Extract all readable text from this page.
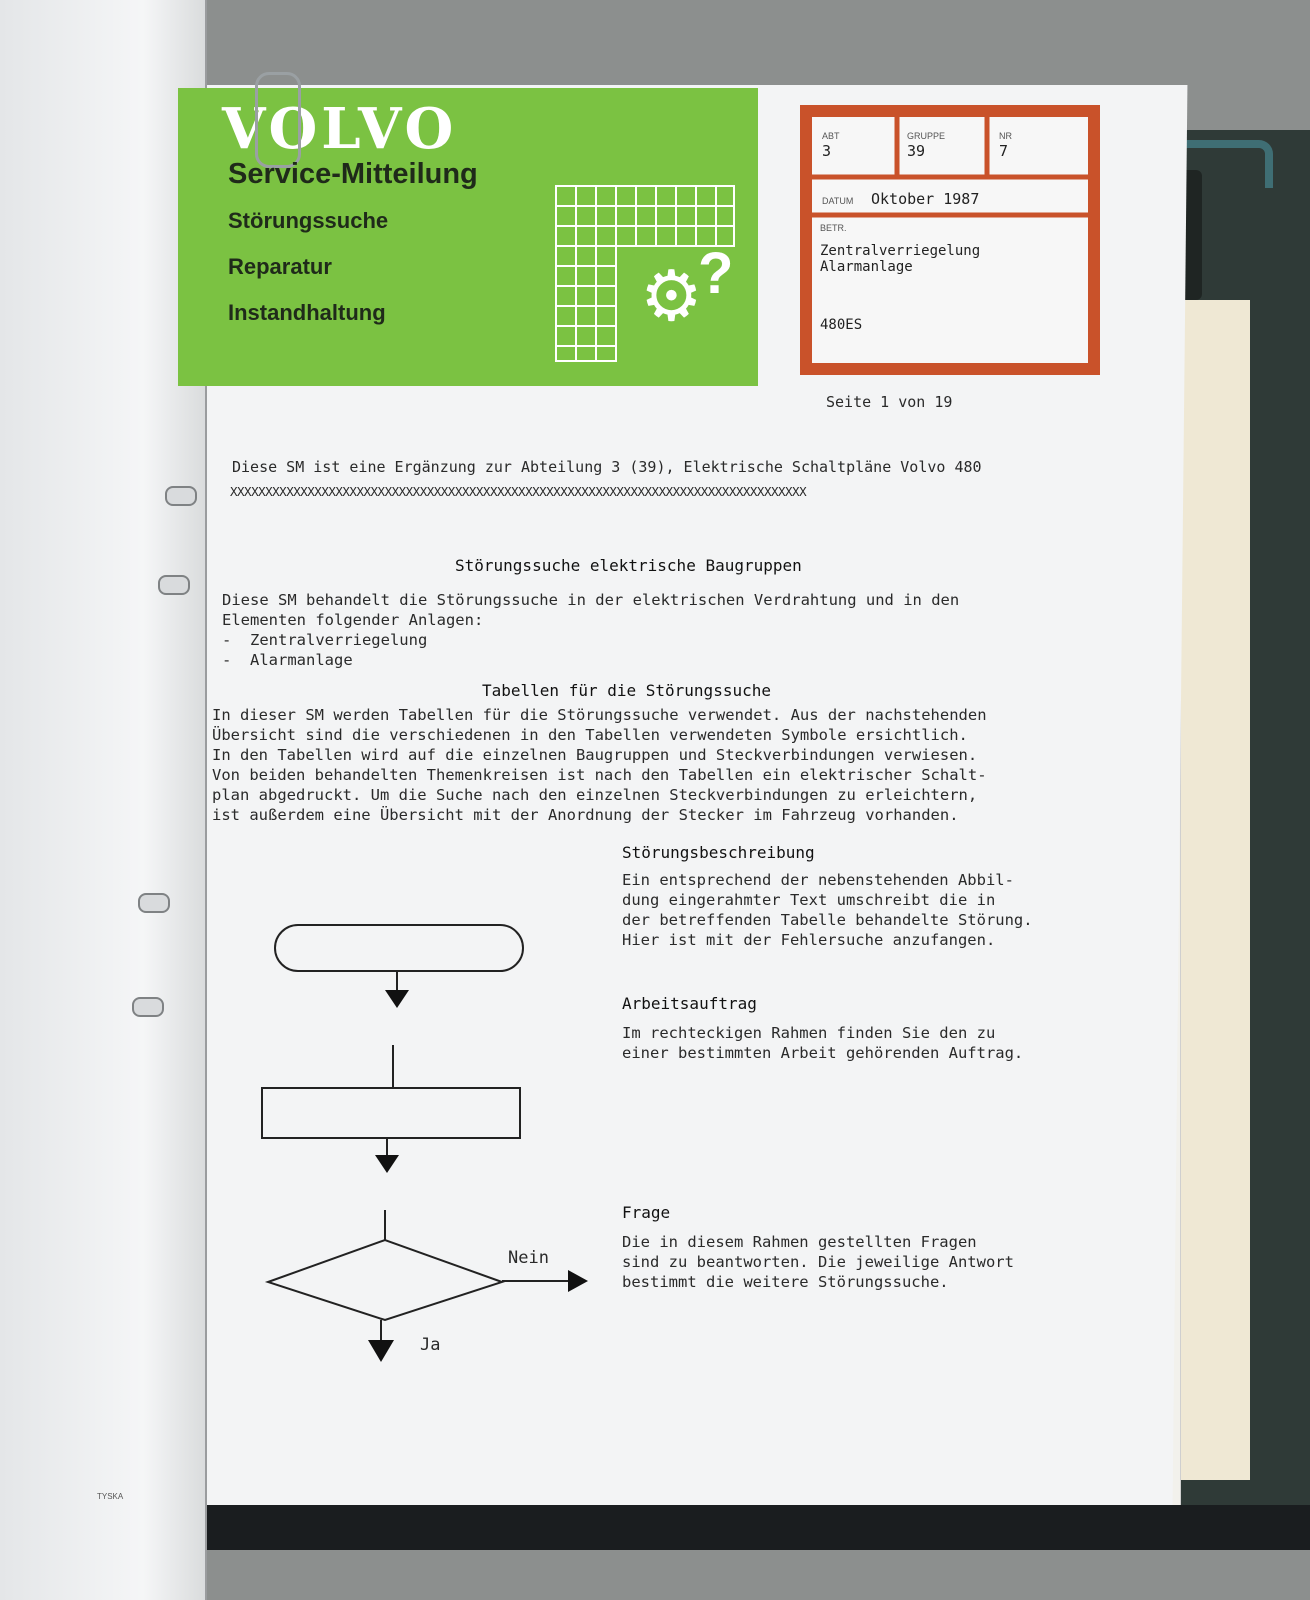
TYSKA
VOLVO
Service-Mitteilung
Störungssuche
Reparatur
Instandhaltung	⚙
?
ABT
3
GRUPPE
39
NR
7
DATUM Oktober 1987
BETR.
Zentralverriegelung
Alarmanlage
480ES
Seite 1 von 19
Diese SM ist eine Ergänzung zur Abteilung 3 (39), Elektrische Schaltpläne Volvo 480
XXXXXXXXXXXXXXXXXXXXXXXXXXXXXXXXXXXXXXXXXXXXXXXXXXXXXXXXXXXXXXXXXXXXXXXXXXXXXXXXXX
Störungssuche elektrische Baugruppen
Diese SM behandelt die Störungssuche in der elektrischen Verdrahtung und in den
Elementen folgender Anlagen:
-  Zentralverriegelung
-  Alarmanlage
Tabellen für die Störungssuche
In dieser SM werden Tabellen für die Störungssuche verwendet. Aus der nachstehenden
Übersicht sind die verschiedenen in den Tabellen verwendeten Symbole ersichtlich.
In den Tabellen wird auf die einzelnen Baugruppen und Steckverbindungen verwiesen.
Von beiden behandelten Themenkreisen ist nach den Tabellen ein elektrischer Schalt-
plan abgedruckt. Um die Suche nach den einzelnen Steckverbindungen zu erleichtern,
ist außerdem eine Übersicht mit der Anordnung der Stecker im Fahrzeug vorhanden.
Störungsbeschreibung
Ein entsprechend der nebenstehenden Abbil-
dung eingerahmter Text umschreibt die in
der betreffenden Tabelle behandelte Störung.
Hier ist mit der Fehlersuche anzufangen.
Arbeitsauftrag
Im rechteckigen Rahmen finden Sie den zu
einer bestimmten Arbeit gehörenden Auftrag.
Frage
Die in diesem Rahmen gestellten Fragen
sind zu beantworten. Die jeweilige Antwort
bestimmt die weitere Störungssuche.
Nein
Ja
